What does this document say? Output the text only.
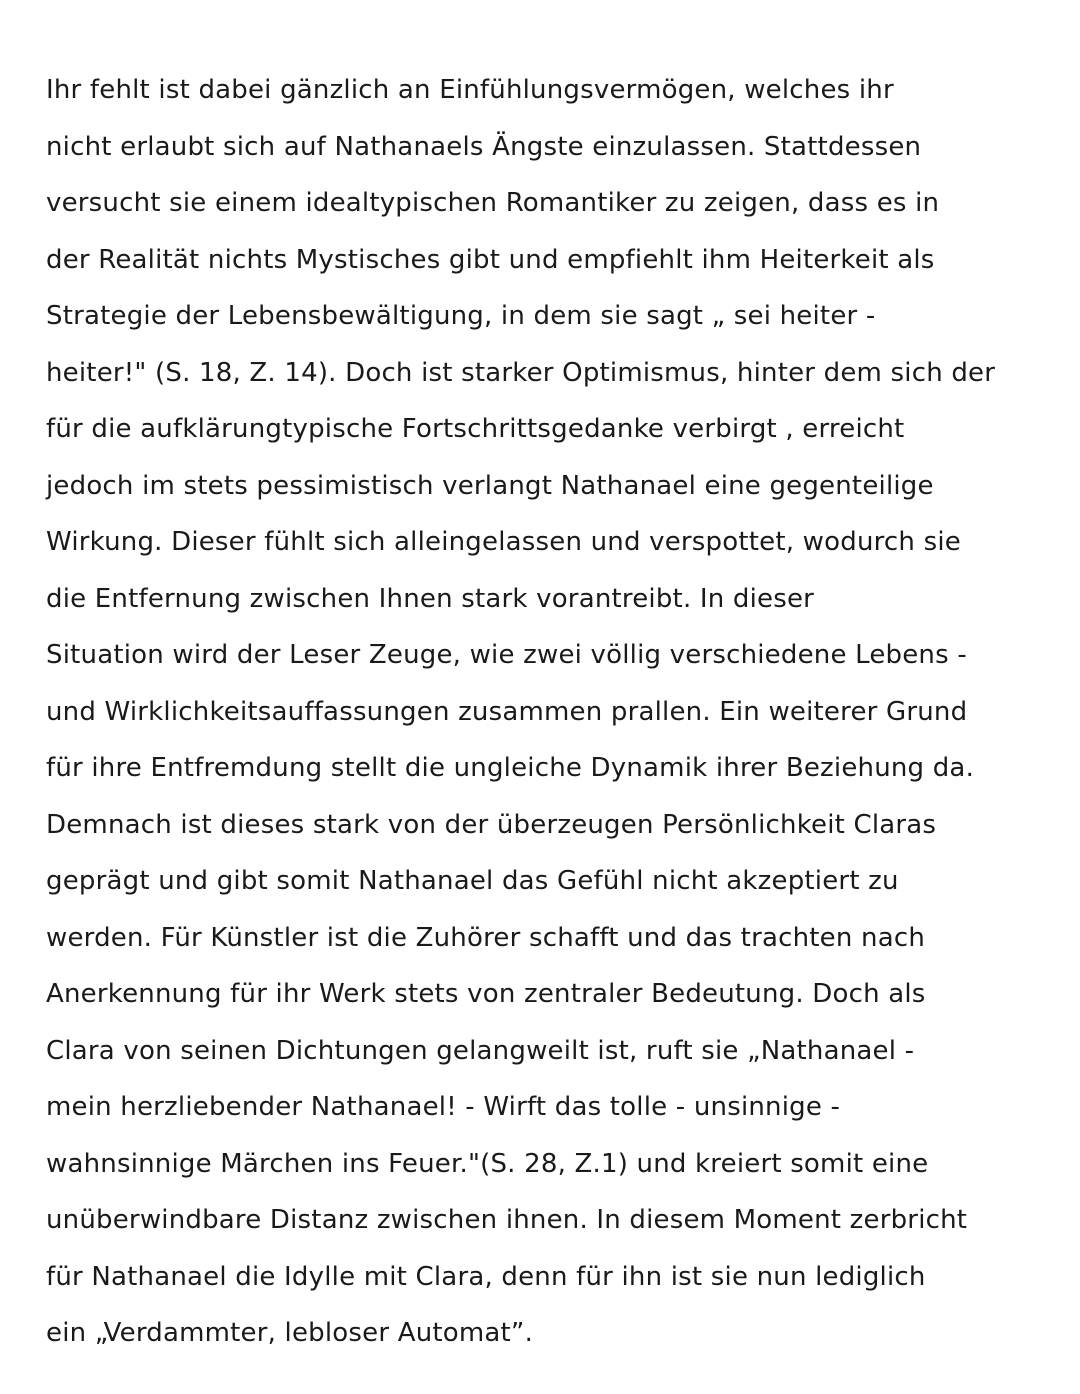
Ihr fehlt ist dabei gänzlich an Einfühlungsvermögen, welches ihr
nicht erlaubt sich auf Nathanaels Ängste einzulassen. Stattdessen
versucht sie einem idealtypischen Romantiker zu zeigen, dass es in
der Realität nichts Mystisches gibt und empfiehlt ihm Heiterkeit als
Strategie der Lebensbewältigung, in dem sie sagt „ sei heiter -
heiter!" (S. 18, Z. 14). Doch ist starker Optimismus, hinter dem sich der
für die aufklärungtypische Fortschrittsgedanke verbirgt , erreicht
jedoch im stets pessimistisch verlangt Nathanael eine gegenteilige
Wirkung. Dieser fühlt sich alleingelassen und verspottet, wodurch sie
die Entfernung zwischen Ihnen stark vorantreibt. In dieser
Situation wird der Leser Zeuge, wie zwei völlig verschiedene Lebens -
und Wirklichkeitsauffassungen zusammen prallen. Ein weiterer Grund
für ihre Entfremdung stellt die ungleiche Dynamik ihrer Beziehung da.
Demnach ist dieses stark von der überzeugen Persönlichkeit Claras
geprägt und gibt somit Nathanael das Gefühl nicht akzeptiert zu
werden. Für Künstler ist die Zuhörer schafft und das trachten nach
Anerkennung für ihr Werk stets von zentraler Bedeutung. Doch als
Clara von seinen Dichtungen gelangweilt ist, ruft sie „Nathanael -
mein herzliebender Nathanael! - Wirft das tolle - unsinnige -
wahnsinnige Märchen ins Feuer."(S. 28, Z.1) und kreiert somit eine
unüberwindbare Distanz zwischen ihnen. In diesem Moment zerbricht
für Nathanael die Idylle mit Clara, denn für ihn ist sie nun lediglich
ein „Verdammter, lebloser Automat”.
